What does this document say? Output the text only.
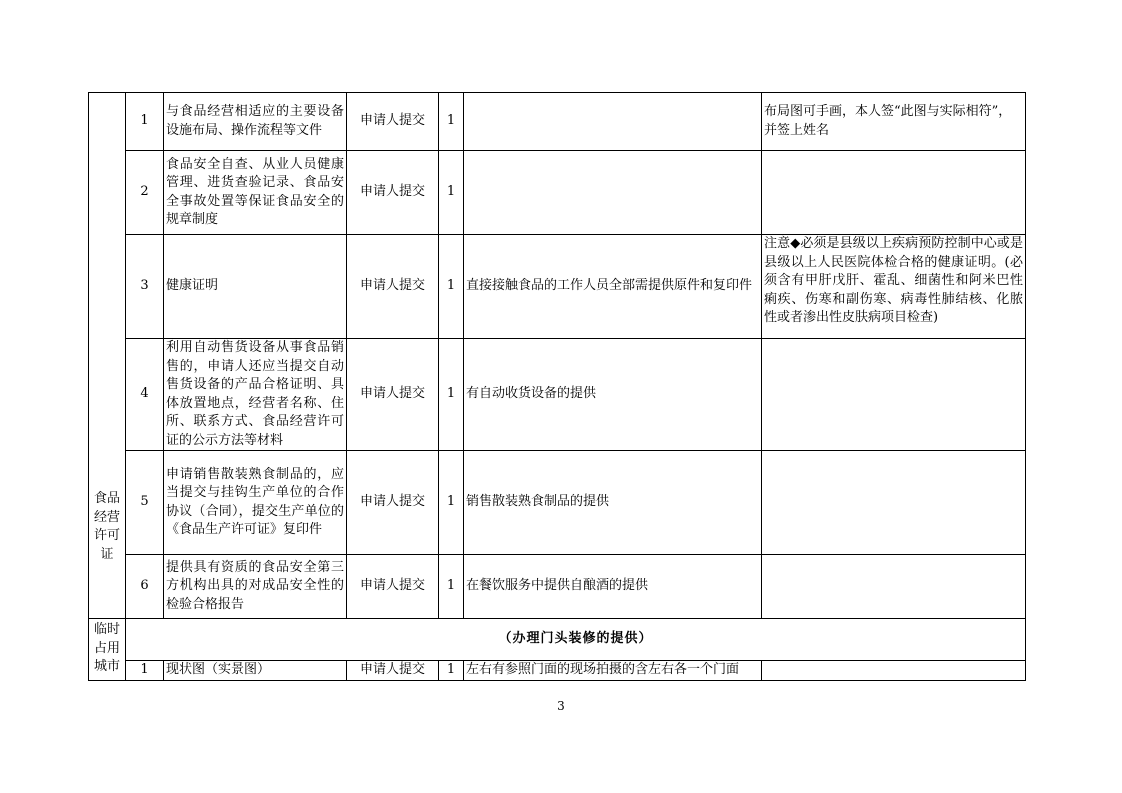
食品经营许可证	1	与食品经营相适应的主要设备设施布局、操作流程等文件	申请人提交	1		布局图可手画，本人签“此图与实际相符”，并签上姓名
	2	食品安全自查、从业人员健康管理、进货查验记录、食品安全事故处置等保证食品安全的规章制度	申请人提交	1		
	3	健康证明	申请人提交	1	直接接触食品的工作人员全部需提供原件和复印件	注意◆必须是县级以上疾病预防控制中心或是县级以上人民医院体检合格的健康证明。(必须含有甲肝戊肝、霍乱、细菌性和阿米巴性痢疾、伤寒和副伤寒、病毒性肺结核、化脓性或者渗出性皮肤病项目检查)
	4	利用自动售货设备从事食品销售的，申请人还应当提交自动售货设备的产品合格证明、具体放置地点，经营者名称、住所、联系方式、食品经营许可证的公示方法等材料	申请人提交	1	有自动收货设备的提供	
	5	申请销售散装熟食制品的，应当提交与挂钩生产单位的合作协议（合同），提交生产单位的《食品生产许可证》复印件	申请人提交	1	销售散装熟食制品的提供	
	6	提供具有资质的食品安全第三方机构出具的对成品安全性的检验合格报告	申请人提交	1	在餐饮服务中提供自酿酒的提供	
临时占用城市	（办理门头装修的提供）					
	1	现状图（实景图）	申请人提交	1	左右有参照门面的现场拍摄的含左右各一个门面	
3
